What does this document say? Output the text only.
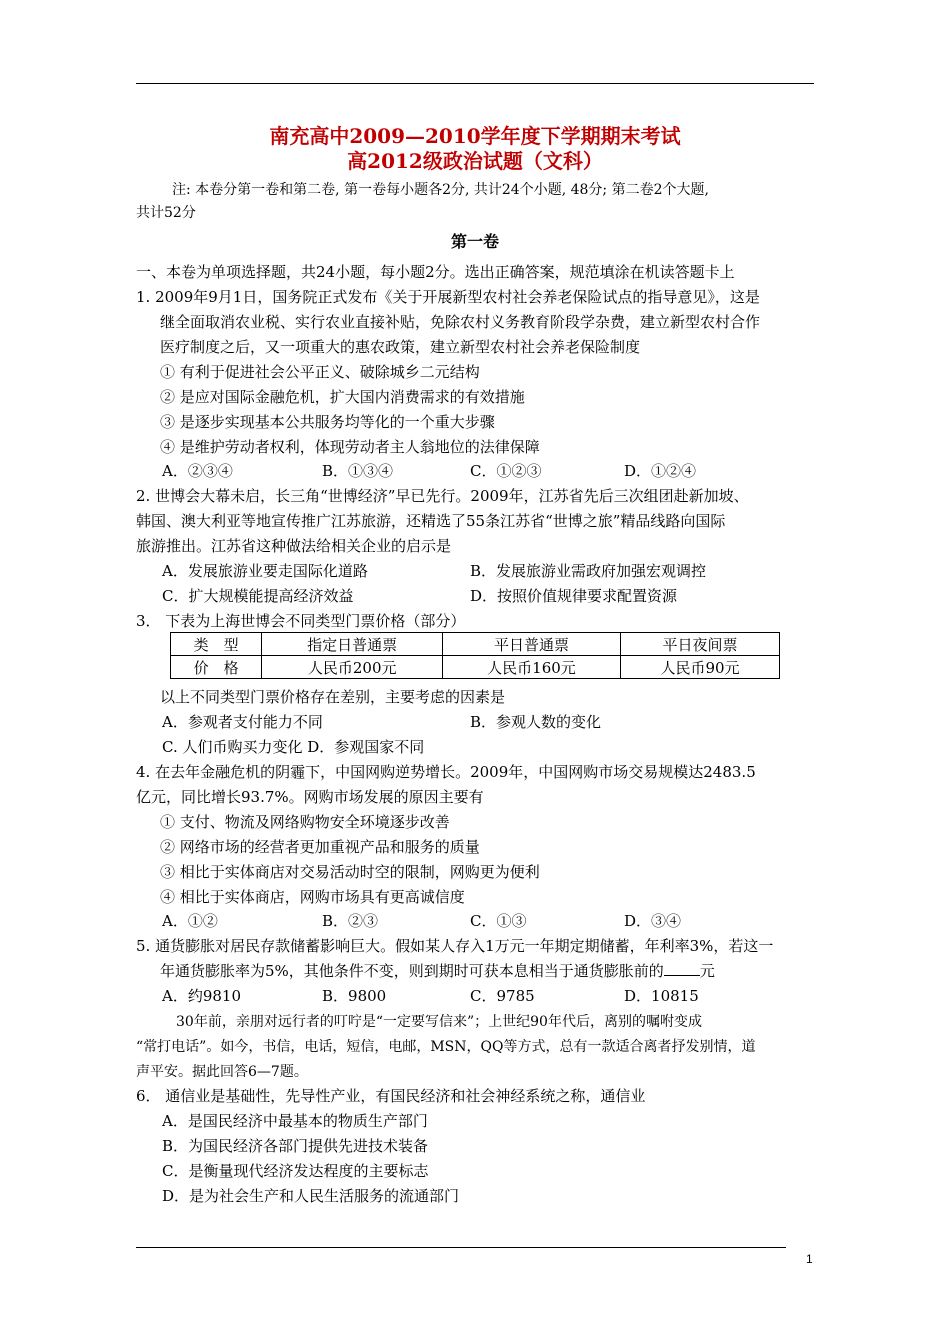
南充高中2009—2010学年度下学期期末考试
高2012级政治试题（文科）
注: 本卷分第一卷和第二卷, 第一卷每小题各2分, 共计24个小题, 48分; 第二卷2个大题,
共计52分
第一卷
一、本卷为单项选择题，共24小题，每小题2分。选出正确答案，规范填涂在机读答题卡上
1. 2009年9月1日，国务院正式发布《关于开展新型农村社会养老保险试点的指导意见》，这是
继全面取消农业税、实行农业直接补贴，免除农村义务教育阶段学杂费，建立新型农村合作
医疗制度之后，又一项重大的惠农政策，建立新型农村社会养老保险制度
① 有利于促进社会公平正义、破除城乡二元结构
② 是应对国际金融危机，扩大国内消费需求的有效措施
③ 是逐步实现基本公共服务均等化的一个重大步骤
④ 是维护劳动者权利，体现劳动者主人翁地位的法律保障
A．②③④	B．①③④	C．①②③	D．①②④
2. 世博会大幕未启，长三角“世博经济”早已先行。2009年，江苏省先后三次组团赴新加坡、
韩国、澳大利亚等地宣传推广江苏旅游，还精选了55条江苏省“世博之旅”精品线路向国际
旅游推出。江苏省这种做法给相关企业的启示是
A．发展旅游业要走国际化道路	B．发展旅游业需政府加强宏观调控
C．扩大规模能提高经济效益	D．按照价值规律要求配置资源
3． 下表为上海世博会不同类型门票价格（部分）
类　型	指定日普通票	平日普通票	平日夜间票
价　格	人民币200元	人民币160元	人民币90元
以上不同类型门票价格存在差别，主要考虑的因素是
A．参观者支付能力不同	B．参观人数的变化
C. 人们币购买力变化 D．参观国家不同
4. 在去年金融危机的阴霾下，中国网购逆势增长。2009年，中国网购市场交易规模达2483.5
亿元，同比增长93.7%。网购市场发展的原因主要有
① 支付、物流及网络购物安全环境逐步改善
② 网络市场的经营者更加重视产品和服务的质量
③ 相比于实体商店对交易活动时空的限制，网购更为便利
④ 相比于实体商店，网购市场具有更高诚信度
A．①②	B．②③	C．①③	D．③④
5. 通货膨胀对居民存款储蓄影响巨大。假如某人存入1万元一年期定期储蓄，年利率3%，若这一
年通货膨胀率为5%，其他条件不变，则到期时可获本息相当于通货膨胀前的 元
A．约9810	B．9800	C．9785	D．10815
30年前，亲朋对远行者的叮咛是“一定要写信来”；上世纪90年代后，离别的嘱咐变成
“常打电话”。如今，书信，电话，短信，电邮，MSN，QQ等方式，总有一款适合离者抒发别情，道
声平安。据此回答6—7题。
6． 通信业是基础性，先导性产业，有国民经济和社会神经系统之称，通信业
A．是国民经济中最基本的物质生产部门
B．为国民经济各部门提供先进技术装备
C．是衡量现代经济发达程度的主要标志
D．是为社会生产和人民生活服务的流通部门
1
